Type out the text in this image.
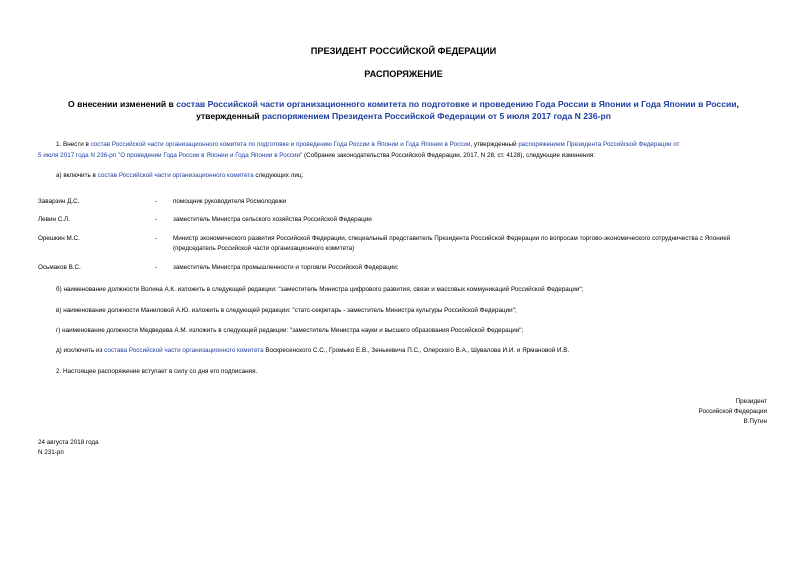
ПРЕЗИДЕНТ РОССИЙСКОЙ ФЕДЕРАЦИИ
РАСПОРЯЖЕНИЕ
О внесении изменений в состав Российской части организационного комитета по подготовке и проведению Года России в Японии и Года Японии в России,
утвержденный распоряжением Президента Российской Федерации от 5 июля 2017 года N 236-рп
1. Внести в состав Российской части организационного комитета по подготовке и проведению Года России в Японии и Года Японии в России, утвержденный распоряжением Президента Российской Федерации от
5 июля 2017 года N 236-рп "О проведении Года России в Японии и Года Японии в России" (Собрание законодательства Российской Федерации, 2017, N 28, ст. 4128), следующие изменения:
а) включить в состав Российской части организационного комитета следующих лиц:
Заварзин Д.С.	-	помощник руководителя Росмолодежи
Левин С.Л.	-	заместитель Министра сельского хозяйства Российской Федерации
Орешкин М.С.	-	Министр экономического развития Российской Федерации, специальный представитель Президента Российской Федерации по вопросам торгово-экономического сотрудничества с Японией
(председатель Российской части организационного комитета)
Осьмаков В.С.	-	заместитель Министра промышленности и торговли Российской Федерации;
б) наименование должности Волина А.К. изложить в следующей редакции: "заместитель Министра цифрового развития, связи и массовых коммуникаций Российской Федерации";
в) наименование должности Маниловой А.Ю. изложить в следующей редакции: "статс-секретарь - заместитель Министра культуры Российской Федерации";
г) наименование должности Медведева А.М. изложить в следующей редакции: "заместитель Министра науки и высшего образования Российской Федерации";
д) исключить из состава Российской части организационного комитета Воскресенского С.С., Громыко Е.В., Зенькевича П.С., Олерского В.А., Шувалова И.И. и Ярмановой И.В.
2. Настоящее распоряжение вступает в силу со дня его подписания.
Президент
Российской Федерации
В.Путин
24 августа 2018 года
N 231-рп
